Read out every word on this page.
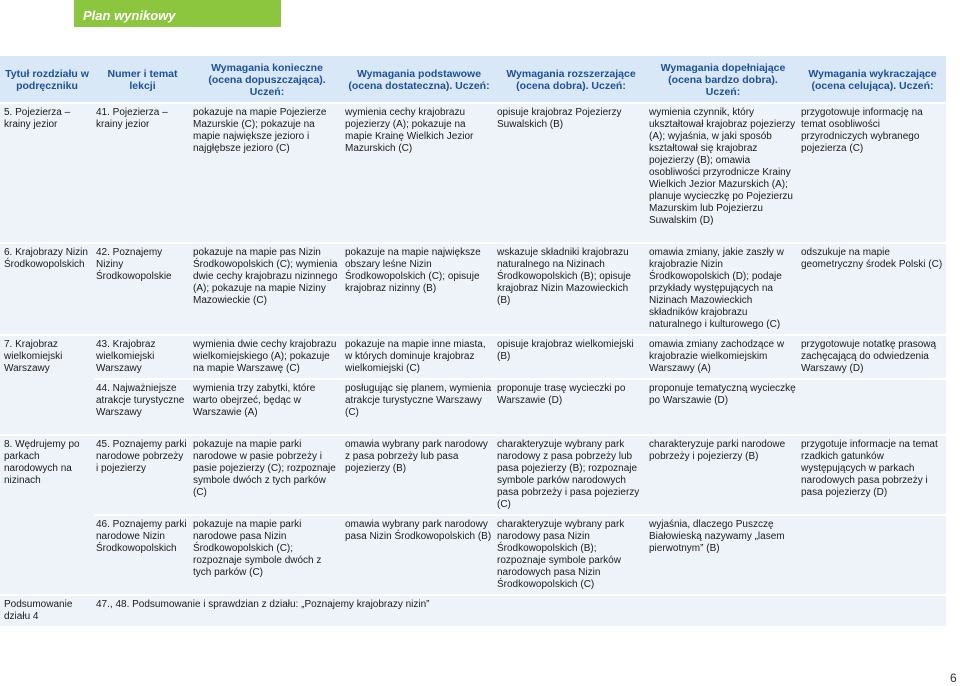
Plan wynikowy
Tytuł rozdziału w podręczniku	Numer i temat lekcji	Wymagania konieczne (ocena dopuszczająca). Uczeń:	Wymagania podstawowe (ocena dostateczna). Uczeń:	Wymagania rozszerzające (ocena dobra). Uczeń:	Wymagania dopełniające (ocena bardzo dobra). Uczeń:	Wymagania wykraczające (ocena celująca). Uczeń:
5. Pojezierza – krainy jezior	41. Pojezierza – krainy jezior	pokazuje na mapie Pojezierze Mazurskie (C); pokazuje na mapie największe jezioro i najgłębsze jezioro (C)	wymienia cechy krajobrazu pojezierzy (A); pokazuje na mapie Krainę Wielkich Jezior Mazurskich (C)	opisuje krajobraz Pojezierzy Suwalskich (B)	wymienia czynnik, który ukształtował krajobraz pojezierzy (A); wyjaśnia, w jaki sposób kształtował się krajobraz pojezierzy (B); omawia osobliwości przyrodnicze Krainy Wielkich Jezior Mazurskich (A); planuje wycieczkę po Pojezierzu Mazurskim lub Pojezierzu Suwalskim (D)	przygotowuje informację na temat osobliwości przyrodniczych wybranego pojezierza (C)
6. Krajobrazy Nizin Środkowopolskich	42. Poznajemy Niziny Środkowopolskie	pokazuje na mapie pas Nizin Środkowopolskich (C); wymienia dwie cechy krajobrazu nizinnego (A); pokazuje na mapie Niziny Mazowieckie (C)	pokazuje na mapie największe obszary leśne Nizin Środkowopolskich (C); opisuje krajobraz nizinny (B)	wskazuje składniki krajobrazu naturalnego na Nizinach Środkowopolskich (B); opisuje krajobraz Nizin Mazowieckich (B)	omawia zmiany, jakie zaszły w krajobrazie Nizin Środkowopolskich (D); podaje przykłady występujących na Nizinach Mazowieckich składników krajobrazu naturalnego i kulturowego (C)	odszukuje na mapie geometryczny środek Polski (C)
7. Krajobraz wielkomiejski Warszawy	43. Krajobraz wielkomiejski Warszawy	wymienia dwie cechy krajobrazu wielkomiejskiego (A); pokazuje na mapie Warszawę (C)	pokazuje na mapie inne miasta, w których dominuje krajobraz wielkomiejski (C)	opisuje krajobraz wielkomiejski (B)	omawia zmiany zachodzące w krajobrazie wielkomiejskim Warszawy (A)	przygotowuje notatkę prasową zachęcającą do odwiedzenia Warszawy (D)
	44. Najważniejsze atrakcje turystyczne Warszawy	wymienia trzy zabytki, które warto obejrzeć, będąc w Warszawie (A)	posługując się planem, wymienia atrakcje turystyczne Warszawy (C)	proponuje trasę wycieczki po Warszawie (D)	proponuje tematyczną wycieczkę po Warszawie (D)	
8. Wędrujemy po parkach narodowych na nizinach	45. Poznajemy parki narodowe pobrzeży i pojezierzy	pokazuje na mapie parki narodowe w pasie pobrzeży i pasie pojezierzy (C); rozpoznaje symbole dwóch z tych parków (C)	omawia wybrany park narodowy z pasa pobrzeży lub pasa pojezierzy (B)	charakteryzuje wybrany park narodowy z pasa pobrzeży lub pasa pojezierzy (B); rozpoznaje symbole parków narodowych pasa pobrzeży i pasa pojezierzy (C)	charakteryzuje parki narodowe pobrzeży i pojezierzy (B)	przygotuje informacje na temat rzadkich gatunków występujących w parkach narodowych pasa pobrzeży i pasa pojezierzy (D)
	46. Poznajemy parki narodowe Nizin Środkowopolskich	pokazuje na mapie parki narodowe pasa Nizin Środkowopolskich (C); rozpoznaje symbole dwóch z tych parków (C)	omawia wybrany park narodowy pasa Nizin Środkowopolskich (B)	charakteryzuje wybrany park narodowy pasa Nizin Środkowopolskich (B); rozpoznaje symbole parków narodowych pasa Nizin Środkowopolskich (C)	wyjaśnia, dlaczego Puszczę Białowieską nazywamy „lasem pierwotnym” (B)	
Podsumowanie działu 4	47., 48. Podsumowanie i sprawdzian z działu: „Poznajemy krajobrazy nizin”					
6
